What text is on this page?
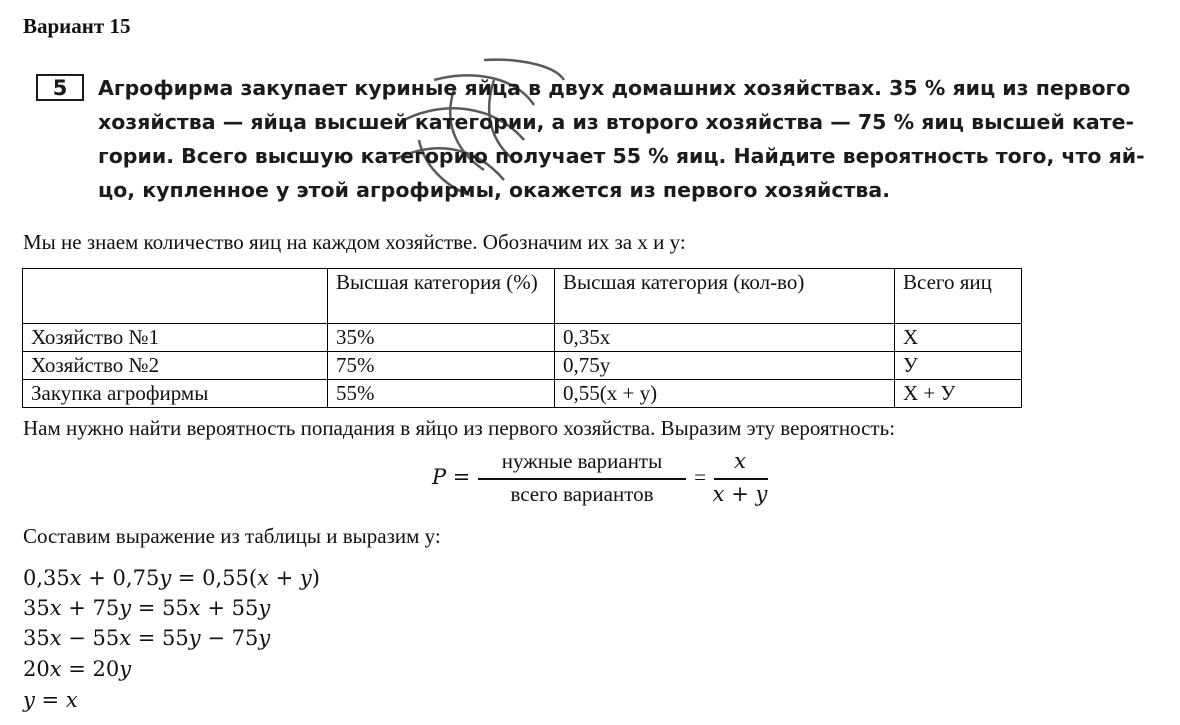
Вариант 15
5	Агрофирма закупает куриные яйца в двух домашних хозяйствах. 35 % яиц из первого
хозяйства — яйца высшей категории, а из второго хозяйства — 75 % яиц высшей кате-
гории. Всего высшую категорию получает 55 % яиц. Найдите вероятность того, что яй-
цо, купленное у этой агрофирмы, окажется из первого хозяйства.
Мы не знаем количество яиц на каждом хозяйстве. Обозначим их за х и у:
	Высшая категория (%)	Высшая категория (кол-во)	Всего яиц
Хозяйство №1	35%	0,35х	Х
Хозяйство №2	75%	0,75у	У
Закупка агрофирмы	55%	0,55(х + у)	Х + У
Нам нужно найти вероятность попадания в яйцо из первого хозяйства. Выразим эту вероятность:
P =
нужные варианты
всего вариантов
=
x
x + y
Составим выражение из таблицы и выразим у:
0,35x + 0,75y = 0,55(x + y)
35x + 75y = 55x + 55y
35x − 55x = 55y − 75y
20x = 20y
y = x
